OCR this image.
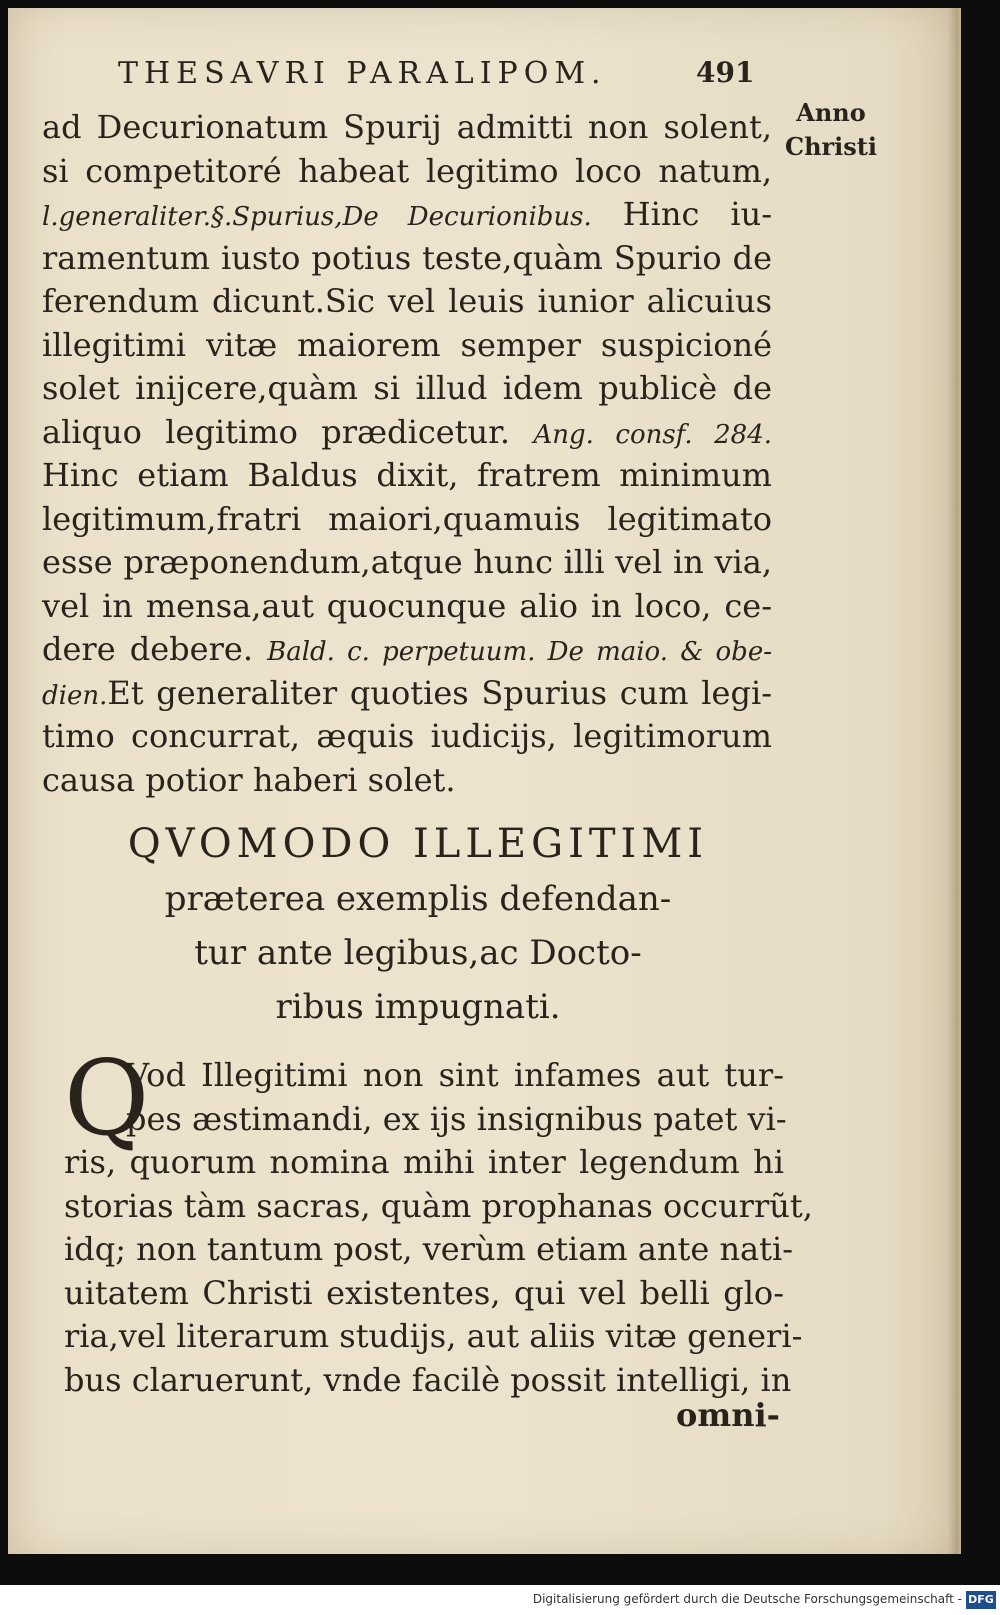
THESAVRI PARALIPOM.	491
Anno
Christi
ad Decurionatum Spurij admitti non solent,
si competitoré habeat legitimo loco natum,
l.generaliter.§.Spurius,De Decurionibus. Hinc iu-
ramentum iusto potius teste,quàm Spurio de
ferendum dicunt.Sic vel leuis iunior alicuius
illegitimi vitæ maiorem semper suspicioné
solet inijcere,quàm si illud idem publicè de
aliquo legitimo prædicetur. Ang. consf. 284.
Hinc etiam Baldus dixit, fratrem minimum
legitimum,fratri maiori,quamuis legitimato
esse præponendum,atque hunc illi vel in via,
vel in mensa,aut quocunque alio in loco, ce-
dere debere. Bald. c. perpetuum. De maio. & obe-
dien.Et generaliter quoties Spurius cum legi-
timo concurrat, æquis iudicijs, legitimorum
causa potior haberi solet.
QVOMODO ILLEGITIMI
præterea exemplis defendan-
tur ante legibus,ac Docto-
ribus impugnati.
Q
Vod Illegitimi non sint infames aut tur-
pes æstimandi, ex ijs insignibus patet vi-
ris, quorum nomina mihi inter legendum hi
storias tàm sacras, quàm prophanas occurrũt,
idq; non tantum post, verùm etiam ante nati-
uitatem Christi existentes, qui vel belli glo-
ria,vel literarum studijs, aut aliis vitæ generi-
bus claruerunt, vnde facilè possit intelligi, in
omni-
Digitalisierung gefördert durch die Deutsche Forschungsgemeinschaft - DFG
